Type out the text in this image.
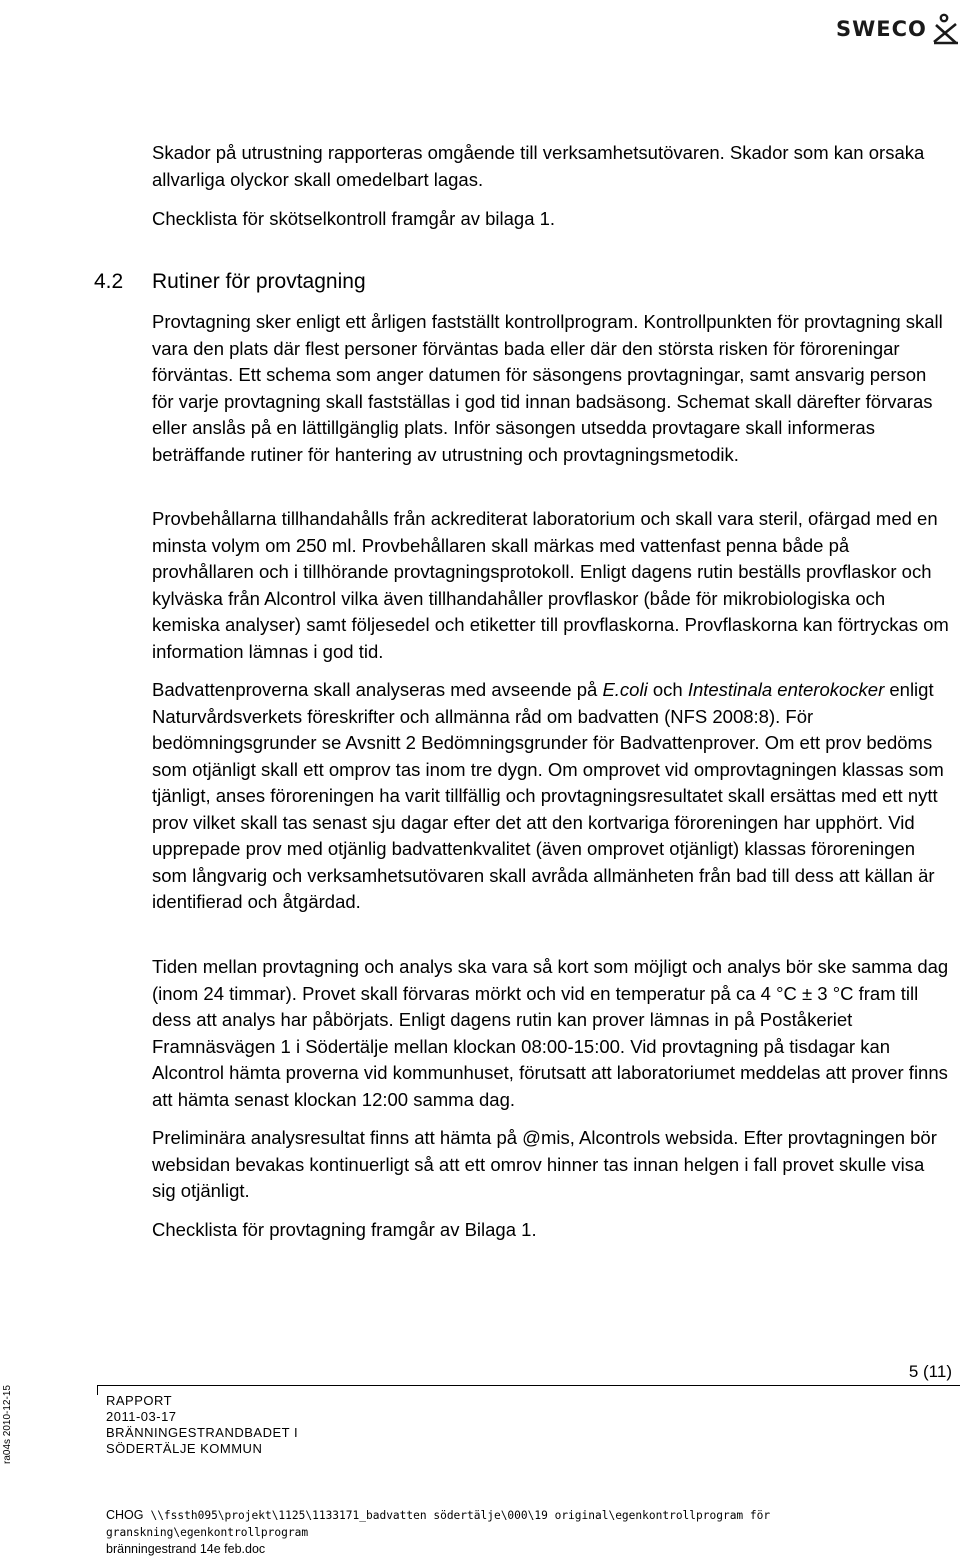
SWECO

Skador på utrustning rapporteras omgående till verksamhetsutövaren. Skador som kan orsaka allvarliga olyckor skall omedelbart lagas.

Checklista för skötselkontroll framgår av bilaga 1.

4.2 Rutiner för provtagning

Provtagning sker enligt ett årligen fastställt kontrollprogram. Kontrollpunkten för provtagning skall vara den plats där flest personer förväntas bada eller där den största risken för föroreningar förväntas. Ett schema som anger datumen för säsongens provtagningar, samt ansvarig person för varje provtagning skall fastställas i god tid innan badsäsong. Schemat skall därefter förvaras eller anslås på en lättillgänglig plats. Inför säsongen utsedda provtagare skall informeras beträffande rutiner för hantering av utrustning och provtagningsmetodik.

Provbehållarna tillhandahålls från ackrediterat laboratorium och skall vara steril, ofärgad med en minsta volym om 250 ml. Provbehållaren skall märkas med vattenfast penna både på provhållaren och i tillhörande provtagningsprotokoll. Enligt dagens rutin beställs provflaskor och kylväska från Alcontrol vilka även tillhandahåller provflaskor (både för mikrobiologiska och kemiska analyser) samt följesedel och etiketter till provflaskorna. Provflaskorna kan förtryckas om information lämnas i god tid.

Badvattenproverna skall analyseras med avseende på E.coli och Intestinala enterokocker enligt Naturvårdsverkets föreskrifter och allmänna råd om badvatten (NFS 2008:8). För bedömningsgrunder se Avsnitt 2 Bedömningsgrunder för Badvattenprover. Om ett prov bedöms som otjänligt skall ett omprov tas inom tre dygn. Om omprovet vid omprovtagningen klassas som tjänligt, anses föroreningen ha varit tillfällig och provtagningsresultatet skall ersättas med ett nytt prov vilket skall tas senast sju dagar efter det att den kortvariga föroreningen har upphört. Vid upprepade prov med otjänlig badvattenkvalitet (även omprovet otjänligt) klassas föroreningen som långvarig och verksamhetsutövaren skall avråda allmänheten från bad till dess att källan är identifierad och åtgärdad.

Tiden mellan provtagning och analys ska vara så kort som möjligt och analys bör ske samma dag (inom 24 timmar). Provet skall förvaras mörkt och vid en temperatur på ca 4 °C ± 3 °C fram till dess att analys har påbörjats. Enligt dagens rutin kan prover lämnas in på Poståkeriet Framnäsvägen 1 i Södertälje mellan klockan 08:00-15:00. Vid provtagning på tisdagar kan Alcontrol hämta proverna vid kommunhuset, förutsatt att laboratoriumet meddelas att prover finns att hämta senast klockan 12:00 samma dag.

Preliminära analysresultat finns att hämta på @mis, Alcontrols websida. Efter provtagningen bör websidan bevakas kontinuerligt så att ett omrov hinner tas innan helgen i fall provet skulle visa sig otjänligt.

Checklista för provtagning framgår av Bilaga 1.

5 (11)
RAPPORT
2011-03-17
BRÄNNINGESTRANDBADET I
SÖDERTÄLJE KOMMUN
ra04s 2010-12-15
CHOG \\fssth095\projekt\1125\1133171_badvatten södertälje\000\19 original\egenkontrollprogram för granskning\egenkontrollprogram
bränningestrand 14e feb.doc
